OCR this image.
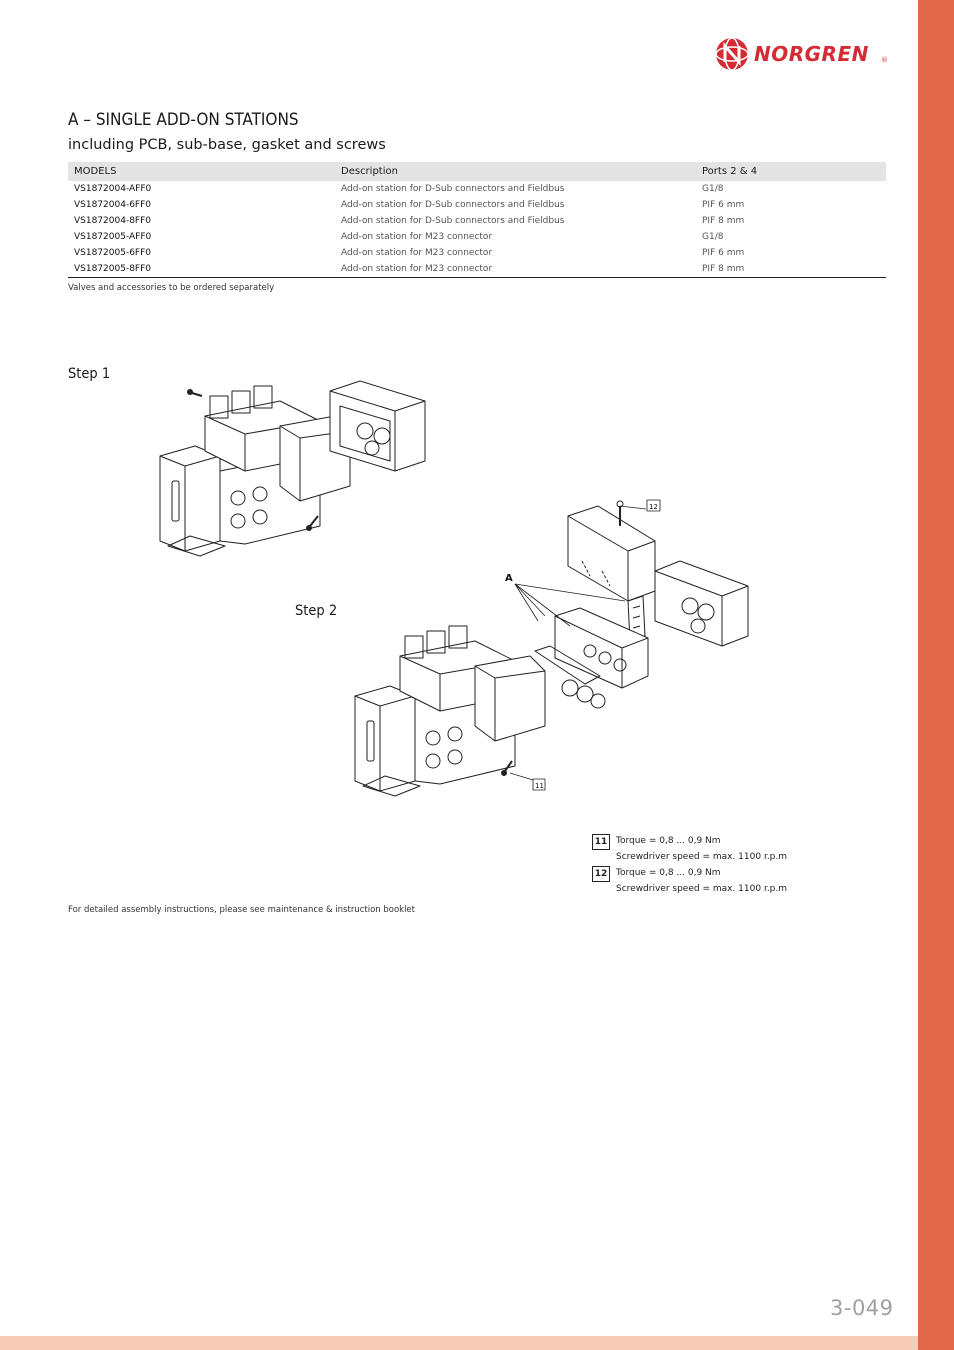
NORGREN ®
A – SINGLE ADD-ON STATIONS
including PCB, sub-base, gasket and screws
MODELS	Description	Ports 2 & 4
VS1872004-AFF0	Add-on station for D-Sub connectors and Fieldbus	G1/8
VS1872004-6FF0	Add-on station for D-Sub connectors and Fieldbus	PIF 6 mm
VS1872004-8FF0	Add-on station for D-Sub connectors and Fieldbus	PIF 8 mm
VS1872005-AFF0	Add-on station for M23 connector	G1/8
VS1872005-6FF0	Add-on station for M23 connector	PIF 6 mm
VS1872005-8FF0	Add-on station for M23 connector	PIF 8 mm
Valves and accessories to be ordered separately
Step 1
Step 2
A
11
12
11 Torque = 0,8 ... 0,9 Nm
Screwdriver speed = max. 1100 r.p.m
12 Torque = 0,8 ... 0,9 Nm
Screwdriver speed = max. 1100 r.p.m
For detailed assembly instructions, please see maintenance & instruction booklet
3-049
